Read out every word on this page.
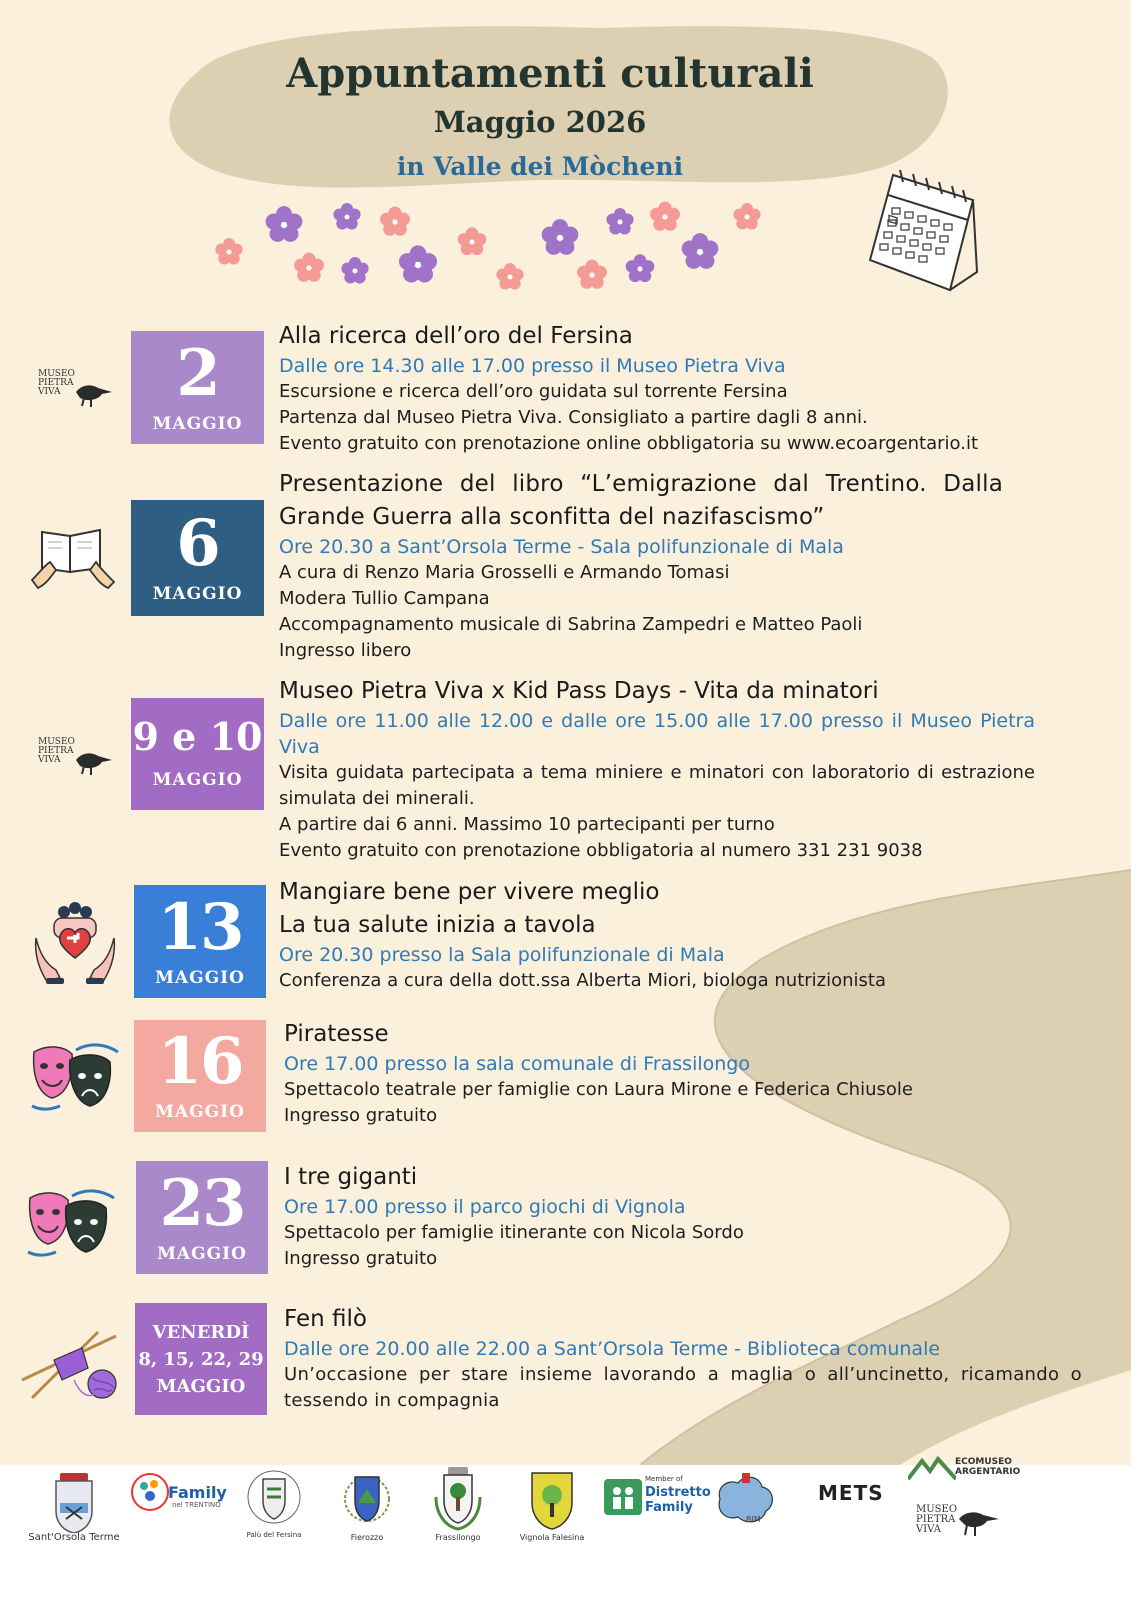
Appuntamenti culturali
Maggio 2026
in Valle dei Mòcheni
MUSEO PIETRA VIVA 2
MAGGIO
Alla ricerca dell’oro del Fersina
Dalle ore 14.30 alle 17.00 presso il Museo Pietra Viva
Escursione e ricerca dell’oro guidata sul torrente Fersina
Partenza dal Museo Pietra Viva. Consigliato a partire dagli 8 anni.
Evento gratuito con prenotazione online obbligatoria su www.ecoargentario.it
6
MAGGIO
Presentazione del libro “L’emigrazione dal Trentino. Dalla Grande Guerra alla sconfitta del nazifascismo”
Ore 20.30 a Sant’Orsola Terme - Sala polifunzionale di Mala
A cura di Renzo Maria Grosselli e Armando Tomasi
Modera Tullio Campana
Accompagnamento musicale di Sabrina Zampedri e Matteo Paoli
Ingresso libero
MUSEO PIETRA VIVA
9 e 10
MAGGIO
Museo Pietra Viva x Kid Pass Days - Vita da minatori
Dalle ore 11.00 alle 12.00 e dalle ore 15.00 alle 17.00 presso il Museo Pietra Viva
Visita guidata partecipata a tema miniere e minatori con laboratorio di estrazione simulata dei minerali.
A partire dai 6 anni. Massimo 10 partecipanti per turno
Evento gratuito con prenotazione obbligatoria al numero 331 231 9038
13
MAGGIO
Mangiare bene per vivere meglio
La tua salute inizia a tavola
Ore 20.30 presso la Sala polifunzionale di Mala
Conferenza a cura della dott.ssa Alberta Miori, biologa nutrizionista
16
MAGGIO
Piratesse
Ore 17.00 presso la sala comunale di Frassilongo
Spettacolo teatrale per famiglie con Laura Mirone e Federica Chiusole
Ingresso gratuito
23
MAGGIO
I tre giganti
Ore 17.00 presso il parco giochi di Vignola
Spettacolo per famiglie itinerante con Nicola Sordo
Ingresso gratuito
VENERDÌ
8, 15, 22, 29
MAGGIO
Fen filò
Dalle ore 20.00 alle 22.00 a Sant’Orsola Terme - Biblioteca comunale
Un’occasione per stare insieme lavorando a maglia o all’uncinetto, ricamando o tessendo in compagnia
Sant'Orsola Terme
Family
nel TRENTINO
Palù del Fersina	Fierozzo	Frassilongo	Vignola Falesina
Member of
Distretto Family
BIM
METS
ECOMUSEO ARGENTARIO
MUSEO PIETRA VIVA
